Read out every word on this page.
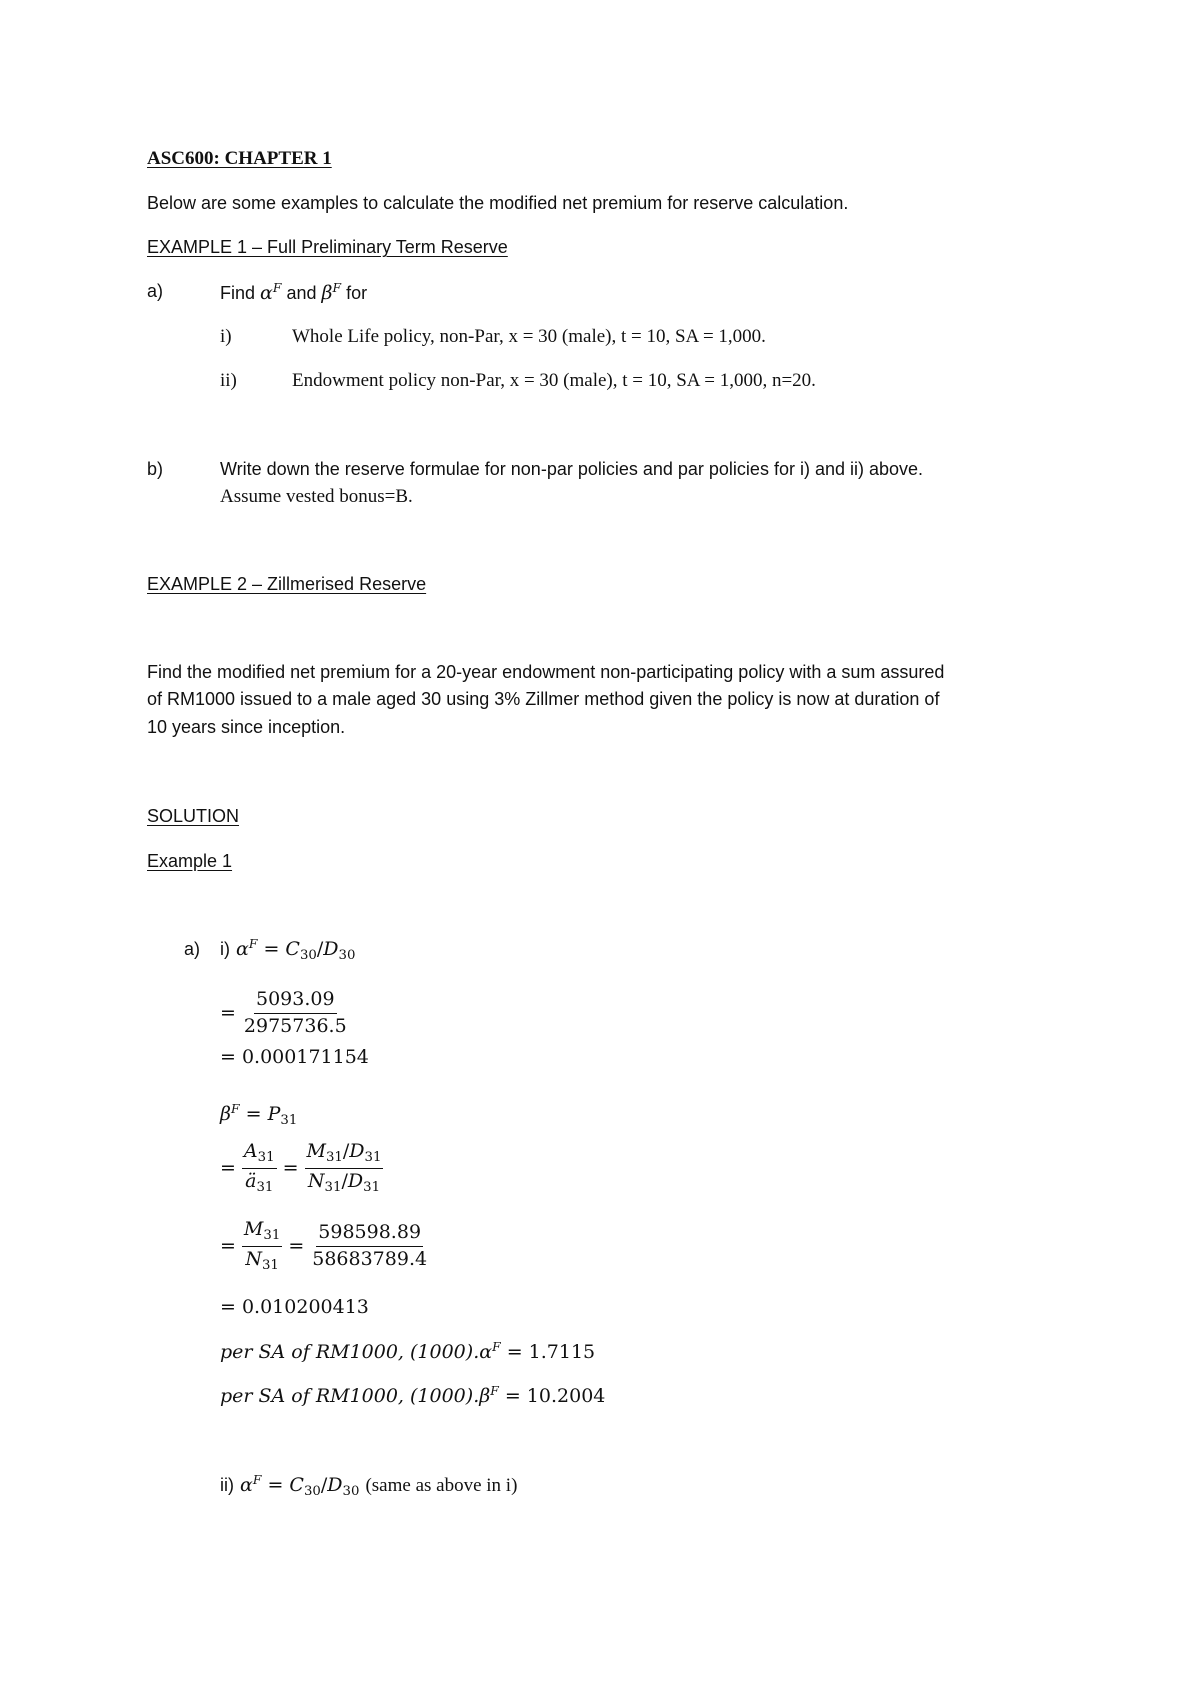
ASC600: CHAPTER 1
Below are some examples to calculate the modified net premium for reserve calculation.
EXAMPLE 1 – Full Preliminary Term Reserve
a)	Find $\alpha^F$ and $\beta^F$ for
i)	Whole Life policy, non-Par, x = 30 (male), t = 10, SA = 1,000.
ii)	Endowment policy non-Par, x = 30 (male), t = 10, SA = 1,000, n=20.
b)	Write down the reserve formulae for non-par policies and par policies for i) and ii) above.
Assume vested bonus=B.
EXAMPLE 2 – Zillmerised Reserve
Find the modified net premium for a 20-year endowment non-participating policy with a sum assured
of RM1000 issued to a male aged 30 using 3% Zillmer method given the policy is now at duration of
10 years since inception.
SOLUTION
Example 1
a) i) $\alpha^F = C_{30}/D_{30}$
= $\frac{5093.09}{2975736.5}$
= 0.000171154
$\beta^F = P_{31}$
= $\frac{A_{31}}{ä_{31}} = \frac{M_{31}/D_{31}}{N_{31}/D_{31}}$
= $\frac{M_{31}}{N_{31}} = \frac{598598.89}{58683789.4}$
= 0.010200413
per SA of RM1000, $(1000).\alpha^F = 1.7115$
per SA of RM1000, $(1000).\beta^F = 10.2004$
ii) $\alpha^F = C_{30}/D_{30}$ (same as above in i)
